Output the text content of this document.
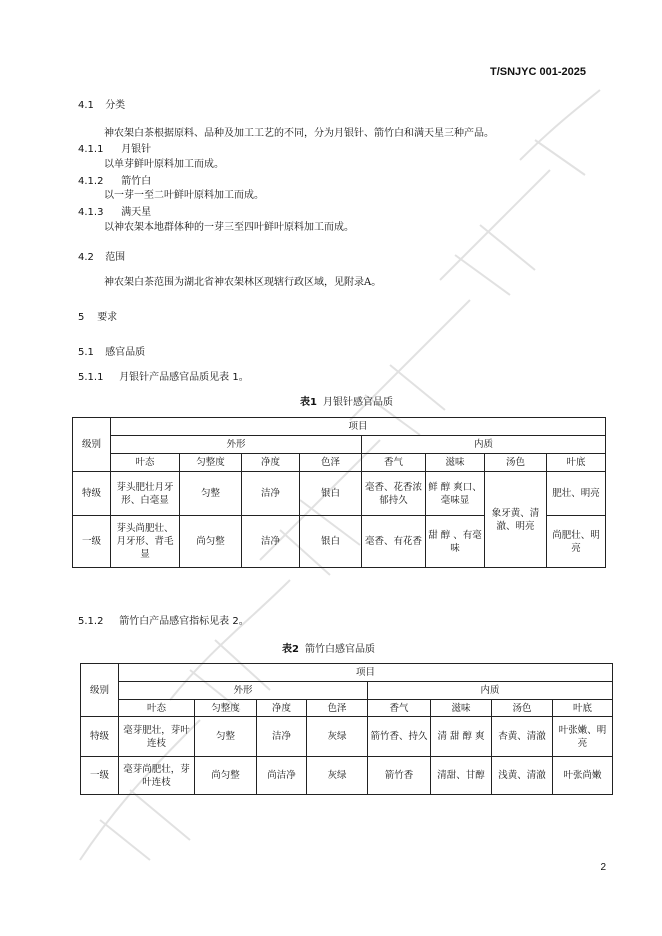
T/SNJYC 001-2025
4.1 分类
神农架白茶根据原料、品种及加工工艺的不同，分为月银针、箭竹白和满天星三种产品。
4.1.1 月银针
以单芽鲜叶原料加工而成。
4.1.2 箭竹白
以一芽一至二叶鲜叶原料加工而成。
4.1.3 满天星
以神农架本地群体种的一芽三至四叶鲜叶原料加工而成。
4.2 范围
神农架白茶范围为湖北省神农架林区现辖行政区域，见附录A。
5 要求
5.1 感官品质
5.1.1 月银针产品感官品质见表 1。
表1 月银针感官品质
级别	项目							
	外形				内质			
	叶态	匀整度	净度	色泽	香气	滋味	汤色	叶底
特级	芽头肥壮月牙形、白毫显	匀整	洁净	银白	毫香、花香浓郁持久	鲜 醇 爽口、毫味显	象牙黄、清澈、明亮	肥壮、明亮
一级	芽头尚肥壮、月牙形、背毛显	尚匀整	洁净	银白	毫香、有花香	甜 醇 、有毫味		尚肥壮、明亮
5.1.2 箭竹白产品感官指标见表 2。
表2 箭竹白感官品质
级别	项目							
	外形				内质			
	叶态	匀整度	净度	色泽	香气	滋味	汤色	叶底
特级	毫芽肥壮，芽叶连枝	匀整	洁净	灰绿	箭竹香、持久	清 甜 醇 爽	杏黄、清澈	叶张嫩、明亮
一级	毫芽尚肥壮，芽叶连枝	尚匀整	尚洁净	灰绿	箭竹香	清甜、甘醇	浅黄、清澈	叶张尚嫩
2
